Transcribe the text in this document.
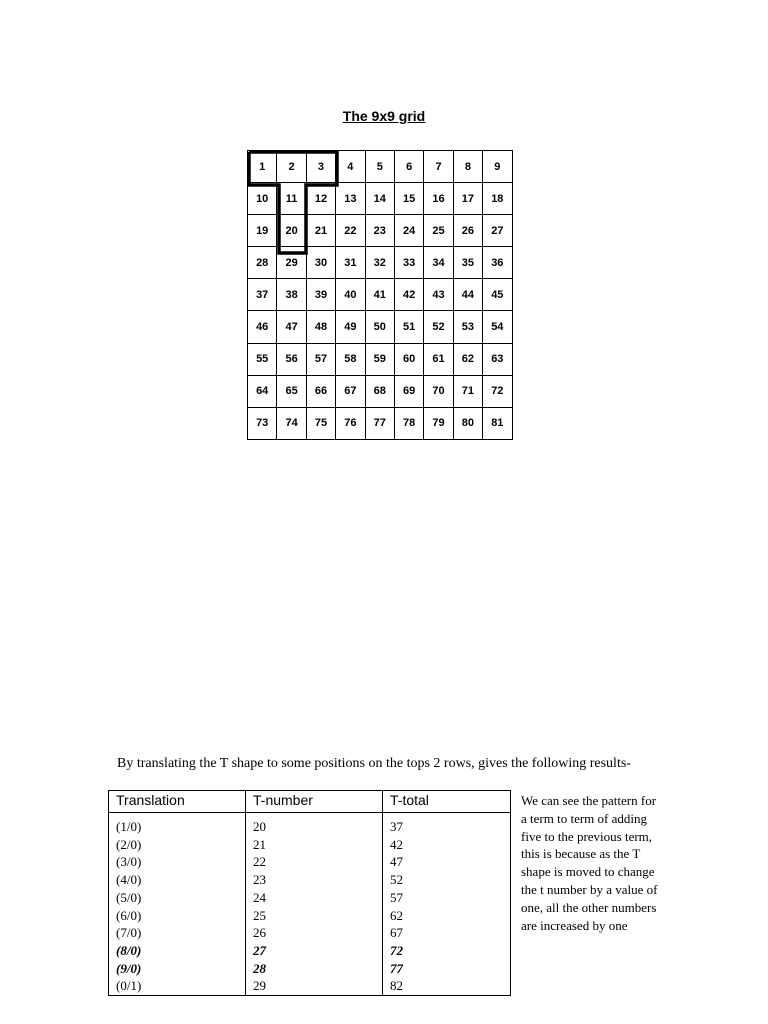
The 9x9 grid
1	2	3	4	5	6	7	8	9
10	11	12	13	14	15	16	17	18
19	20	21	22	23	24	25	26	27
28	29	30	31	32	33	34	35	36
37	38	39	40	41	42	43	44	45
46	47	48	49	50	51	52	53	54
55	56	57	58	59	60	61	62	63
64	65	66	67	68	69	70	71	72
73	74	75	76	77	78	79	80	81
By translating the T shape to some positions on the tops 2 rows, gives the following results-
Translation	T-number	T-total
(1/0)	20	37
(2/0)	21	42
(3/0)	22	47
(4/0)	23	52
(5/0)	24	57
(6/0)	25	62
(7/0)	26	67
(8/0)	27	72
(9/0)	28	77
(0/1)	29	82
We can see the pattern for a term to term of adding five to the previous term, this is because as the T shape is moved to change the t number by a value of one, all the other numbers are increased by one
